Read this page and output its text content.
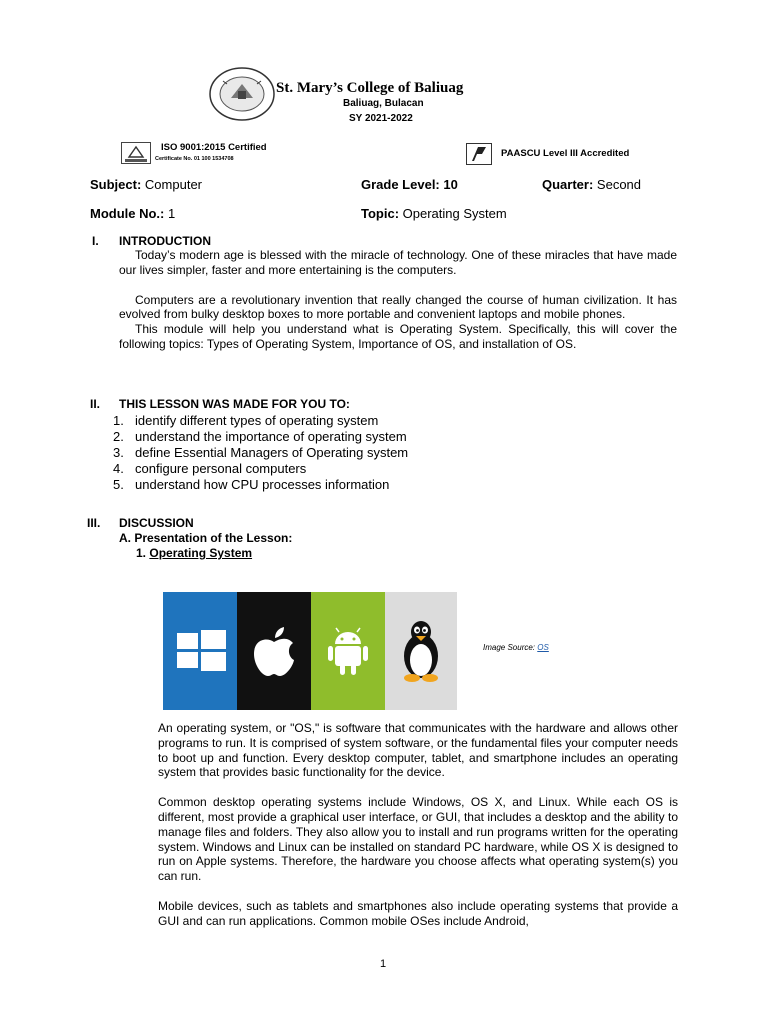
St. Mary’s College of Baliuag
Baliuag, Bulacan
SY 2021-2022
ISO 9001:2015 Certified
Certificate No. 01 100 1534708	PAASCU Level III Accredited
Subject: Computer	Grade Level: 10	Quarter: Second
Module No.: 1	Topic: Operating System
I. INTRODUCTION

Today’s modern age is blessed with the miracle of technology. One of these miracles that have made our lives simpler, faster and more entertaining is the computers.

Computers are a revolutionary invention that really changed the course of human civilization. It has evolved from bulky desktop boxes to more portable and convenient laptops and mobile phones.

This module will help you understand what is Operating System. Specifically, this will cover the following topics: Types of Operating System, Importance of OS, and installation of OS.

II. THIS LESSON WAS MADE FOR YOU TO:
1. identify different types of operating system
2. understand the importance of operating system
3. define Essential Managers of Operating system
4. configure personal computers
5. understand how CPU processes information
III. DISCUSSION
A. Presentation of the Lesson:
1. Operating System
Image Source: OS

An operating system, or "OS," is software that communicates with the hardware and allows other programs to run. It is comprised of system software, or the fundamental files your computer needs to boot up and function. Every desktop computer, tablet, and smartphone includes an operating system that provides basic functionality for the device.

Common desktop operating systems include Windows, OS X, and Linux. While each OS is different, most provide a graphical user interface, or GUI, that includes a desktop and the ability to manage files and folders. They also allow you to install and run programs written for the operating system. Windows and Linux can be installed on standard PC hardware, while OS X is designed to run on Apple systems. Therefore, the hardware you choose affects what operating system(s) you can run.

Mobile devices, such as tablets and smartphones also include operating systems that provide a GUI and can run applications. Common mobile OSes include Android,

1
